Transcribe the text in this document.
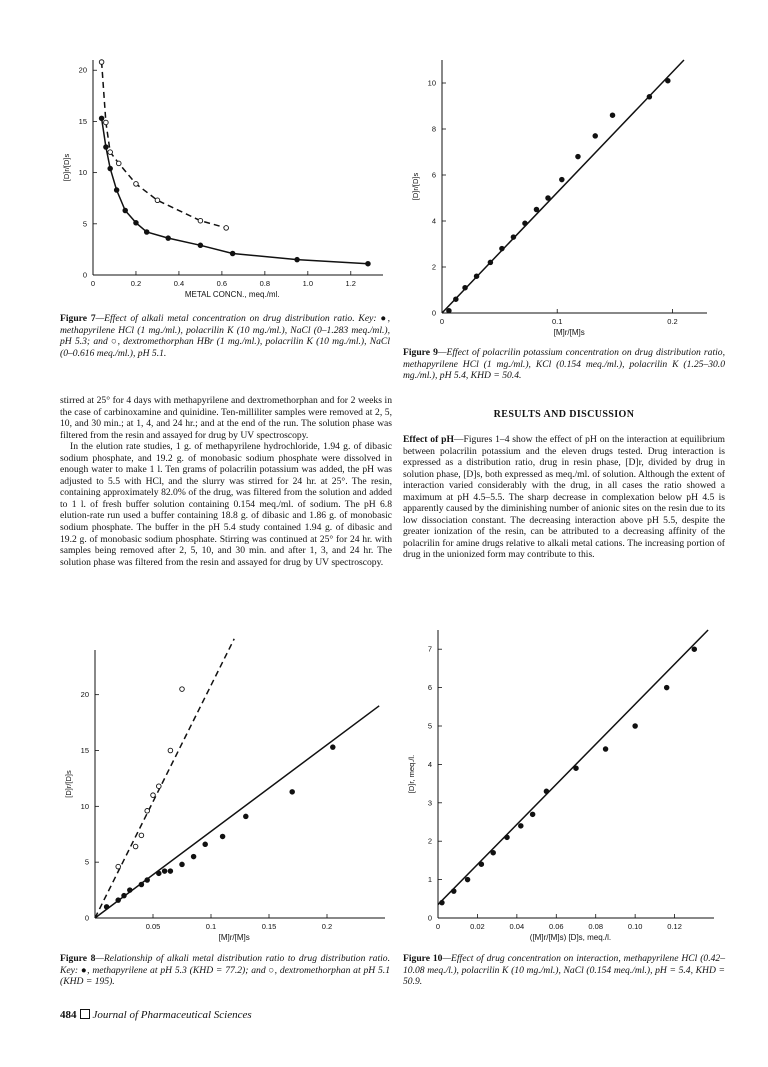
0	0.2	0.4	0.6	0.8	1.0	1.2
0
5
10
15
20
METAL CONCN., meq./ml.
[D]r/[D]s
Figure 7—Effect of alkali metal concentration on drug distribution ratio. Key: ●, methapyrilene HCl (1 mg./ml.), polacrilin K (10 mg./ml.), NaCl (0–1.283 meq./ml.), pH 5.3; and ○, dextromethorphan HBr (1 mg./ml.), polacrilin K (10 mg./ml.), NaCl (0–0.616 meq./ml.), pH 5.1.
0	0.1	0.2
0
2
4
6
8
10
[M]r/[M]s
[D]r/[D]s
Figure 9—Effect of polacrilin potassium concentration on drug distribution ratio, methapyrilene HCl (1 mg./ml.), KCl (0.154 meq./ml.), polacrilin K (1.25–30.0 mg./ml.), pH 5.4, KHD = 50.4.

stirred at 25° for 4 days with methapyrilene and dextromethorphan and for 2 weeks in the case of carbinoxamine and quinidine. Ten-milliliter samples were removed at 2, 5, 10, and 30 min.; at 1, 4, and 24 hr.; and at the end of the run. The solution phase was filtered from the resin and assayed for drug by UV spectroscopy.

In the elution rate studies, 1 g. of methapyrilene hydrochloride, 1.94 g. of dibasic sodium phosphate, and 19.2 g. of monobasic sodium phosphate were dissolved in enough water to make 1 l. Ten grams of polacrilin potassium was added, the pH was adjusted to 5.5 with HCl, and the slurry was stirred for 24 hr. at 25°. The resin, containing approximately 82.0% of the drug, was filtered from the solution and added to 1 l. of fresh buffer solution containing 0.154 meq./ml. of sodium. The pH 6.8 elution-rate run used a buffer containing 18.8 g. of dibasic and 1.86 g. of monobasic sodium phosphate. The buffer in the pH 5.4 study contained 1.94 g. of dibasic and 19.2 g. of monobasic sodium phosphate. Stirring was continued at 25° for 24 hr. with samples being removed after 2, 5, 10, and 30 min. and after 1, 3, and 24 hr. The solution phase was filtered from the resin and assayed for drug by UV spectroscopy.

RESULTS AND DISCUSSION

Effect of pH—Figures 1–4 show the effect of pH on the interaction at equilibrium between polacrilin potassium and the eleven drugs tested. Drug interaction is expressed as a distribution ratio, drug in resin phase, [D]r, divided by drug in solution phase, [D]s, both expressed as meq./ml. of solution. Although the extent of interaction varied considerably with the drug, in all cases the ratio showed a maximum at pH 4.5–5.5. The sharp decrease in complexation below pH 4.5 is apparently caused by the diminishing number of anionic sites on the resin due to its low dissociation constant. The decreasing interaction above pH 5.5, despite the greater ionization of the resin, can be attributed to a decreasing affinity of the polacrilin for amine drugs relative to alkali metal cations. The increasing portion of drug in the unionized form may contribute to this.

0.05	0.1	0.15	0.2
0
5
10
15
20
[M]r/[M]s
[D]r/[D]s
Figure 8—Relationship of alkali metal distribution ratio to drug distribution ratio. Key: ●, methapyrilene at pH 5.3 (KHD = 77.2); and ○, dextromethorphan at pH 5.1 (KHD = 195).
0	0.02	0.04	0.06	0.08	0.10	0.12
0
1
2
3
4
5
6
7
([M]r/[M]s) [D]s, meq./l.
[D]r, meq./l.
Figure 10—Effect of drug concentration on interaction, methapyrilene HCl (0.42–10.08 meq./l.), polacrilin K (10 mg./ml.), NaCl (0.154 meq./ml.), pH = 5.4, KHD = 50.9.
484 Journal of Pharmaceutical Sciences
